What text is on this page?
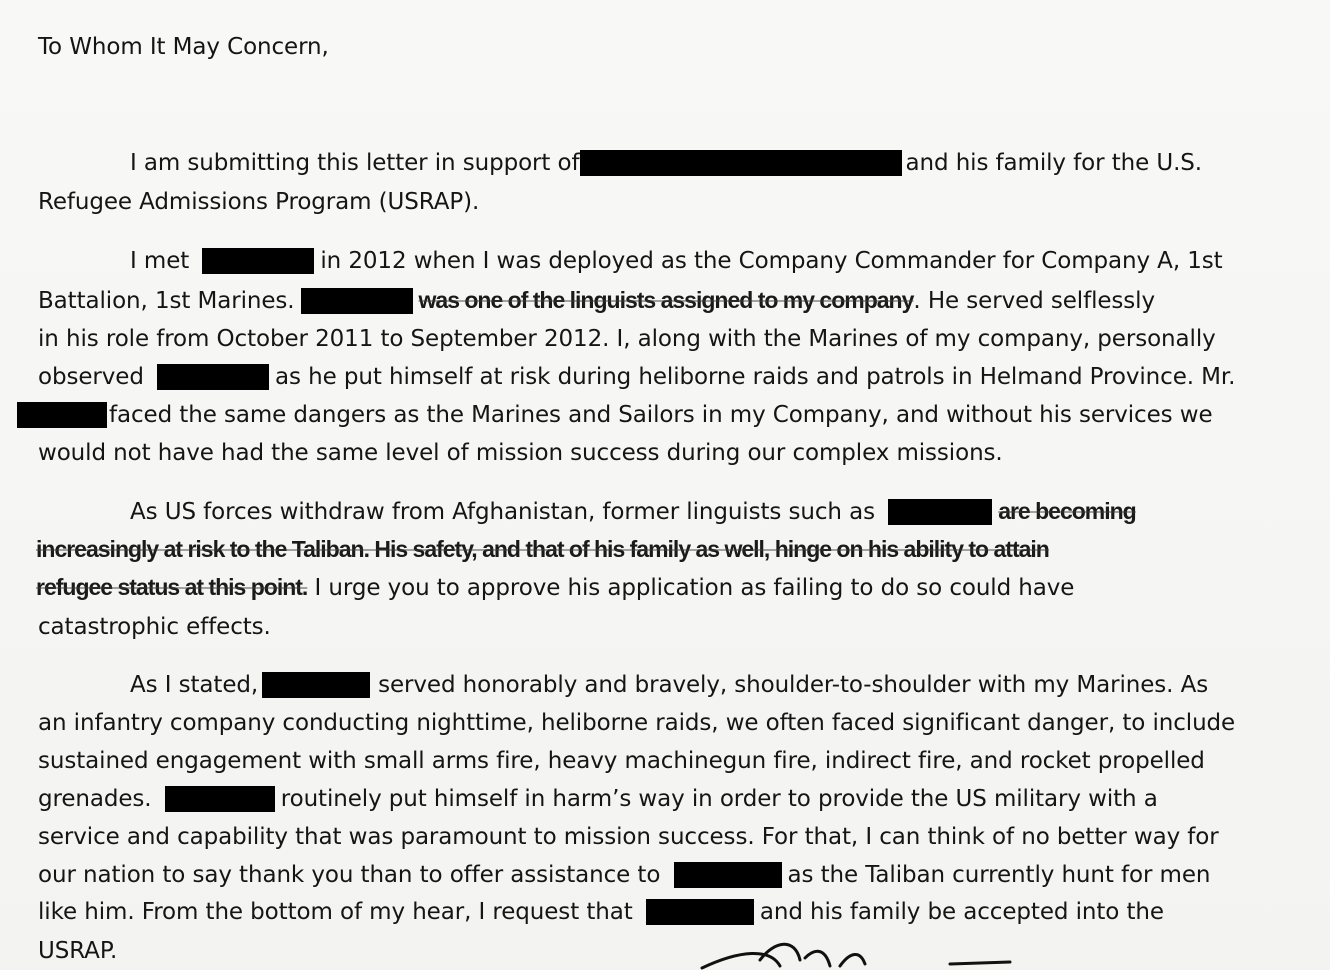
To Whom It May Concern,
I am submitting this letter in support of	and his family for the U.S.
Refugee Admissions Program (USRAP).
I met	in 2012 when I was deployed as the Company Commander for Company A, 1st
Battalion, 1st Marines.	was one of the linguists assigned to my company. He served selflessly
in his role from October 2011 to September 2012. I, along with the Marines of my company, personally
observed	as he put himself at risk during heliborne raids and patrols in Helmand Province. Mr.
faced the same dangers as the Marines and Sailors in my Company, and without his services we
would not have had the same level of mission success during our complex missions.
As US forces withdraw from Afghanistan, former linguists such as	are becoming
increasingly at risk to the Taliban. His safety, and that of his family as well, hinge on his ability to attain
refugee status at this point. I urge you to approve his application as failing to do so could have
catastrophic effects.
As I stated,	served honorably and bravely, shoulder-to-shoulder with my Marines. As
an infantry company conducting nighttime, heliborne raids, we often faced significant danger, to include
sustained engagement with small arms fire, heavy machinegun fire, indirect fire, and rocket propelled
grenades.	routinely put himself in harm’s way in order to provide the US military with a
service and capability that was paramount to mission success. For that, I can think of no better way for
our nation to say thank you than to offer assistance to	as the Taliban currently hunt for men
like him. From the bottom of my hear, I request that	and his family be accepted into the
USRAP.
